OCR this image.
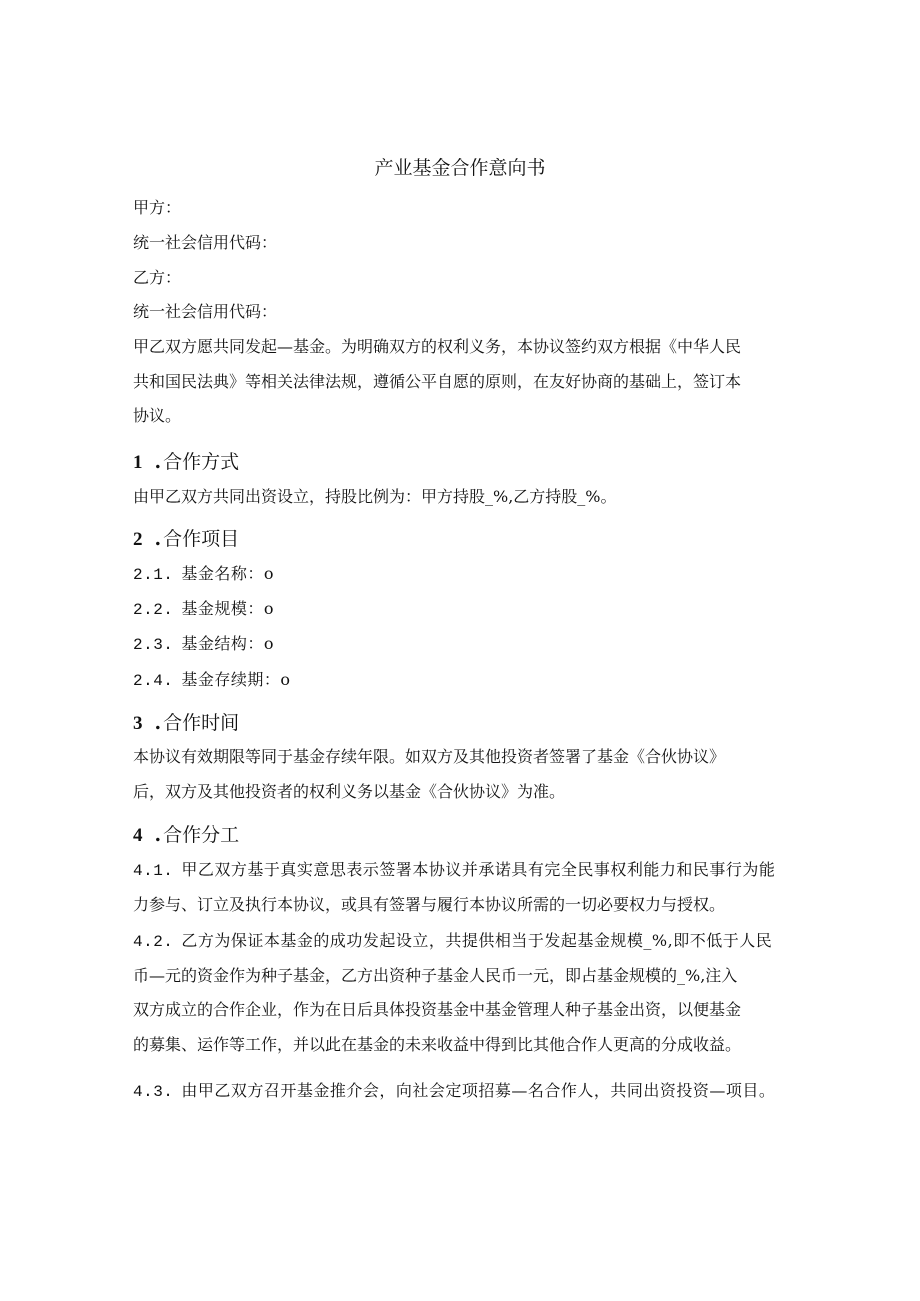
产业基金合作意向书
甲方：
统一社会信用代码：
乙方：
统一社会信用代码：
甲乙双方愿共同发起—基金。为明确双方的权利义务，本协议签约双方根据《中华人民
共和国民法典》等相关法律法规，遵循公平自愿的原则，在友好协商的基础上，签订本
协议。
1 . 合作方式
由甲乙双方共同出资设立，持股比例为：甲方持股_%,乙方持股_%。
2 . 合作项目
2.1. 基金名称：o
2.2. 基金规模：o
2.3. 基金结构：o
2.4. 基金存续期：o
3 . 合作时间
本协议有效期限等同于基金存续年限。如双方及其他投资者签署了基金《合伙协议》
后，双方及其他投资者的权利义务以基金《合伙协议》为准。
4 . 合作分工
4.1. 甲乙双方基于真实意思表示签署本协议并承诺具有完全民事权利能力和民事行为能
力参与、订立及执行本协议，或具有签署与履行本协议所需的一切必要权力与授权。
4.2. 乙方为保证本基金的成功发起设立，共提供相当于发起基金规模_%,即不低于人民
币—元的资金作为种子基金，乙方出资种子基金人民币一元，即占基金规模的_%,注入
双方成立的合作企业，作为在日后具体投资基金中基金管理人种子基金出资，以便基金
的募集、运作等工作，并以此在基金的未来收益中得到比其他合作人更高的分成收益。
4.3. 由甲乙双方召开基金推介会，向社会定项招募—名合作人，共同出资投资—项目。
